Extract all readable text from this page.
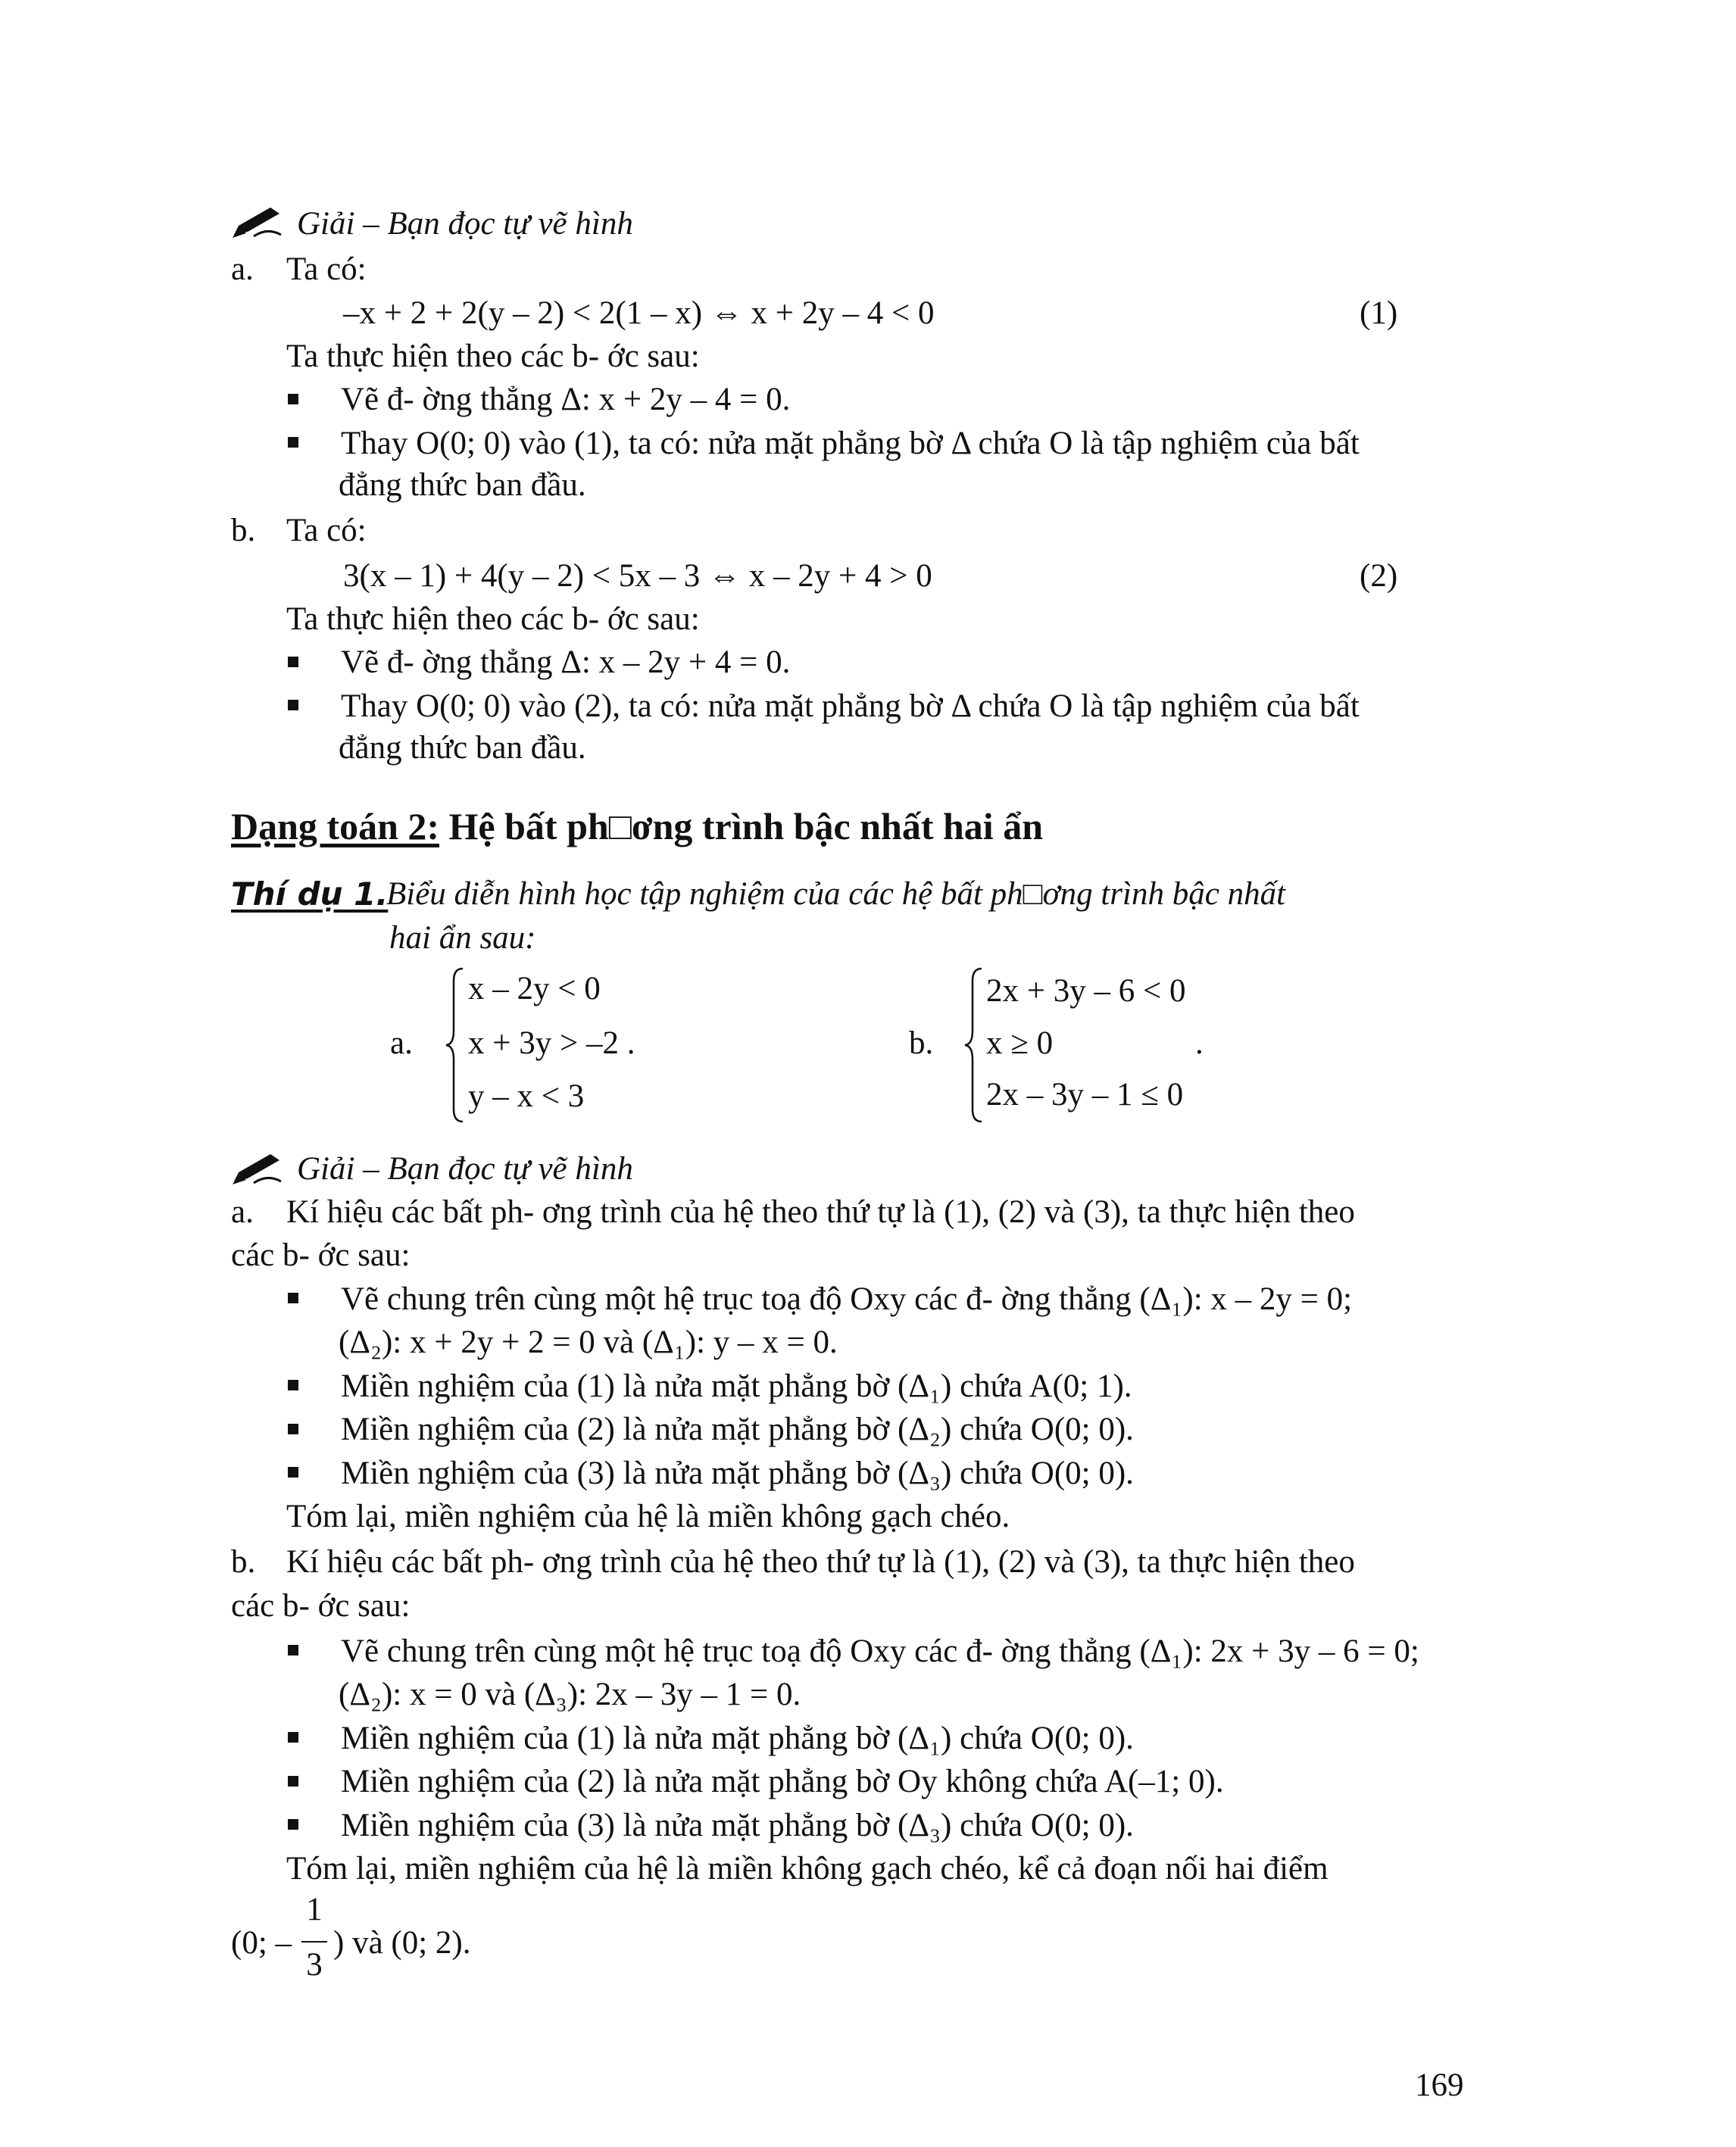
Giải – Bạn đọc tự vẽ hình
a. Ta có:
–x + 2 + 2(y – 2) < 2(1 – x) ⇔ x + 2y – 4 < 0	(1)
Ta thực hiện theo các b- ớc sau:
Vẽ đ- ờng thẳng Δ: x + 2y – 4 = 0.
Thay O(0; 0) vào (1), ta có: nửa mặt phẳng bờ Δ chứa O là tập nghiệm của bất
đẳng thức ban đầu.
b. Ta có:
3(x – 1) + 4(y – 2) < 5x – 3 ⇔ x – 2y + 4 > 0	(2)
Ta thực hiện theo các b- ớc sau:
Vẽ đ- ờng thẳng Δ: x – 2y + 4 = 0.
Thay O(0; 0) vào (2), ta có: nửa mặt phẳng bờ Δ chứa O là tập nghiệm của bất
đẳng thức ban đầu.
Dạng toán 2: Hệ bất ph□ơng trình bậc nhất hai ẩn
Thí dụ 1.
Biểu diễn hình học tập nghiệm của các hệ bất ph□ơng trình bậc nhất
hai ẩn sau:
a.
x – 2y < 0
x + 3y > –2 .
y – x < 3
b.
2x + 3y – 6 < 0
x ≥ 0
2x – 3y – 1 ≤ 0
.
Giải – Bạn đọc tự vẽ hình
a. Kí hiệu các bất ph- ơng trình của hệ theo thứ tự là (1), (2) và (3), ta thực hiện theo
các b- ớc sau:
Vẽ chung trên cùng một hệ trục toạ độ Oxy các đ- ờng thẳng (Δ₁): x – 2y = 0;
(Δ₂): x + 2y + 2 = 0 và (Δ₁): y – x = 0.
Miền nghiệm của (1) là nửa mặt phẳng bờ (Δ₁) chứa A(0; 1).
Miền nghiệm của (2) là nửa mặt phẳng bờ (Δ₂) chứa O(0; 0).
Miền nghiệm của (3) là nửa mặt phẳng bờ (Δ₃) chứa O(0; 0).
Tóm lại, miền nghiệm của hệ là miền không gạch chéo.
b. Kí hiệu các bất ph- ơng trình của hệ theo thứ tự là (1), (2) và (3), ta thực hiện theo
các b- ớc sau:
Vẽ chung trên cùng một hệ trục toạ độ Oxy các đ- ờng thẳng (Δ₁): 2x + 3y – 6 = 0;
(Δ₂): x = 0 và (Δ₃): 2x – 3y – 1 = 0.
Miền nghiệm của (1) là nửa mặt phẳng bờ (Δ₁) chứa O(0; 0).
Miền nghiệm của (2) là nửa mặt phẳng bờ Oy không chứa A(–1; 0).
Miền nghiệm của (3) là nửa mặt phẳng bờ (Δ₃) chứa O(0; 0).
Tóm lại, miền nghiệm của hệ là miền không gạch chéo, kể cả đoạn nối hai điểm
(0; –
1
3
) và (0; 2).
169
